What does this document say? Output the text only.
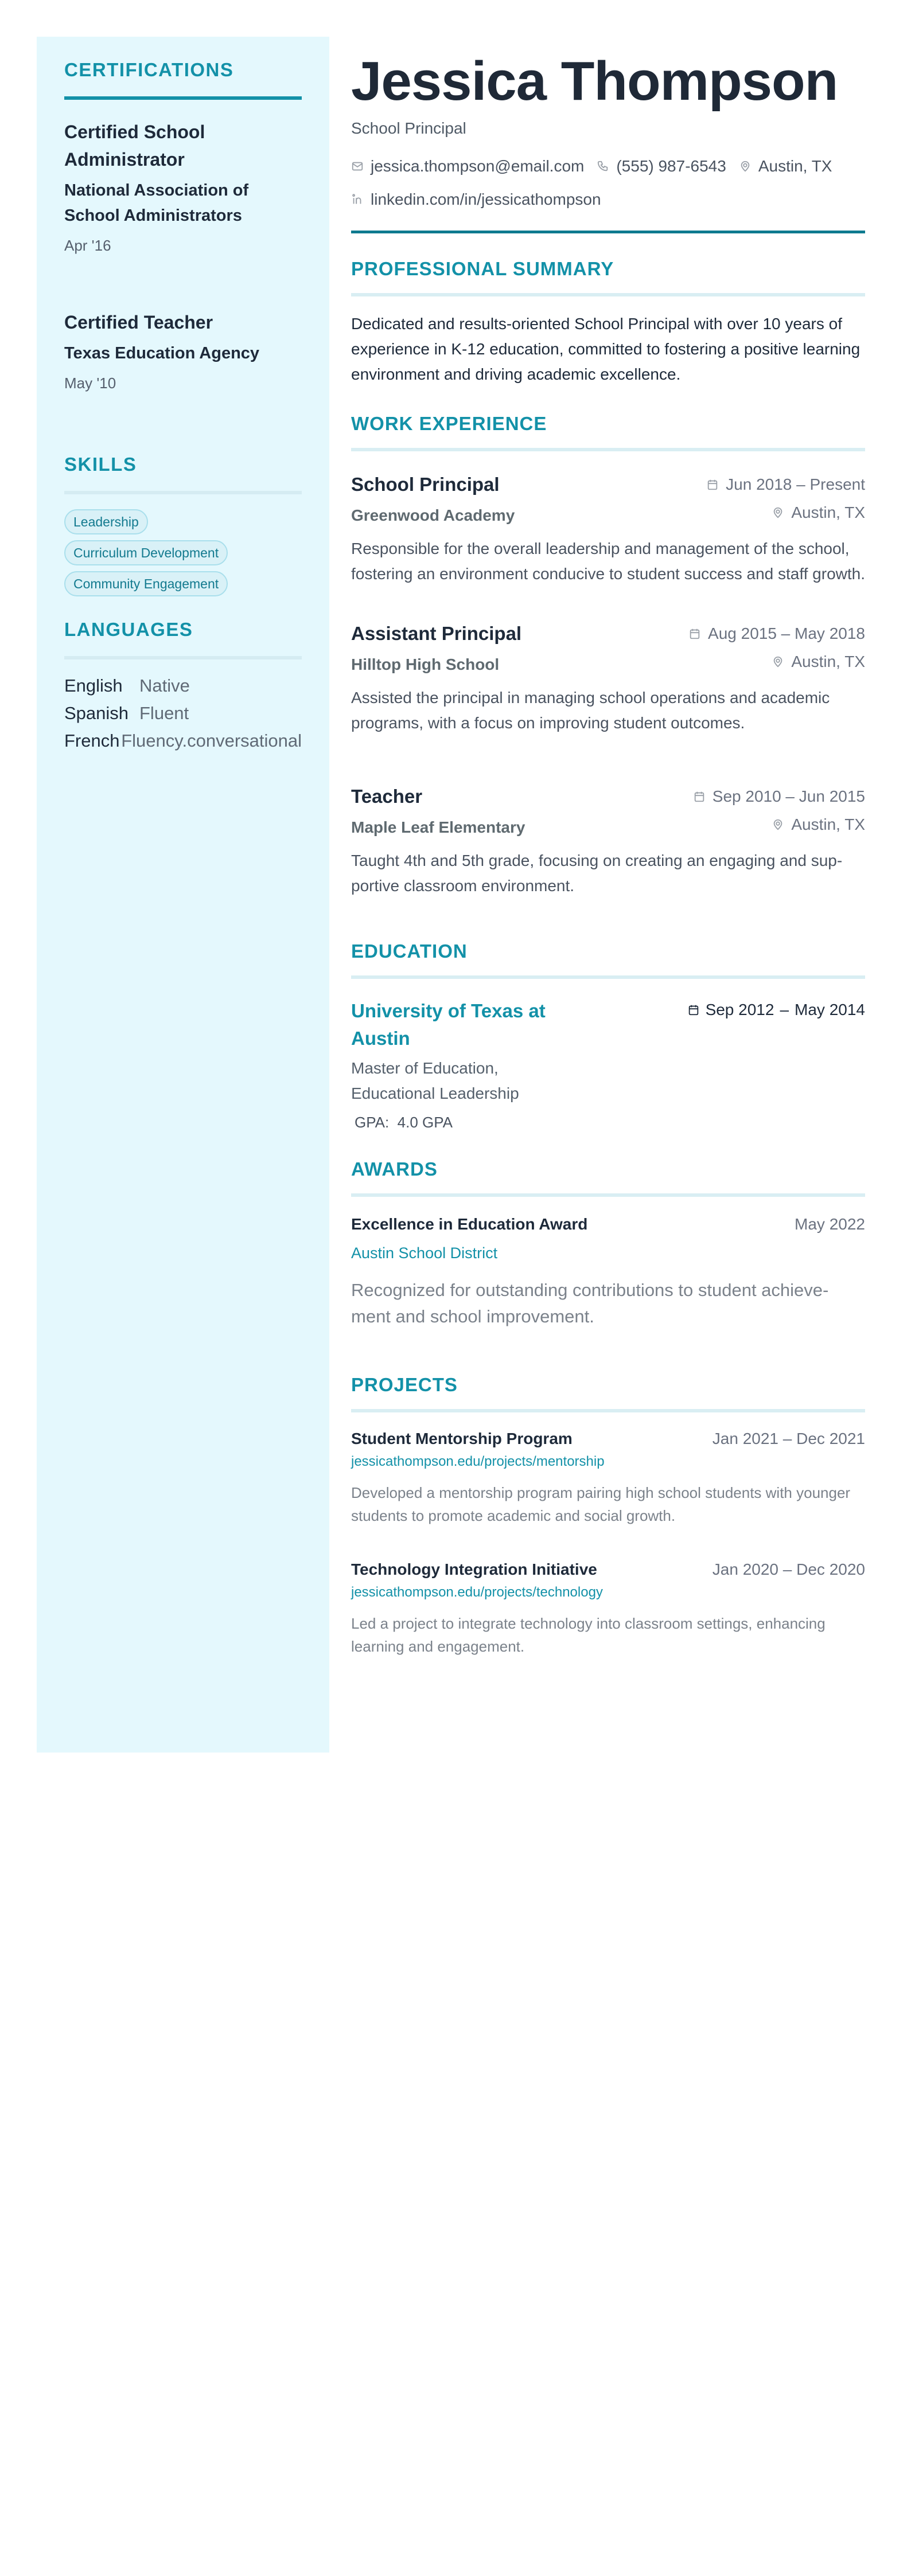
CERTIFICATIONS
Certified School Administrator
National Association of School Administrators
Apr '16
Certified Teacher
Texas Education Agency
May '10
SKILLS
Leadership
Curriculum Development
Community Engagement
LANGUAGES
English Native
Spanish Fluent
French Fluency.conversational
Jessica Thompson
School Principal
jessica.thompson@email.com (555) 987-6543 Austin, TX
linkedin.com/in/jessicathompson
PROFESSIONAL SUMMARY

Dedicated and results-oriented School Principal with over 10 years of experience in K-12 education, committed to fostering a positive learning environment and driving academic excellence.

WORK EXPERIENCE
School Principal	Jun 2018 – Present
Greenwood Academy	Austin, TX

Responsible for the overall leadership and management of the school, fostering an environment conducive to student success and staff growth.

Assistant Principal	Aug 2015 – May 2018
Hilltop High School	Austin, TX

Assisted the principal in managing school operations and academic programs, with a focus on improving student outcomes.

Teacher	Sep 2010 – Jun 2015
Maple Leaf Elementary	Austin, TX

Taught 4th and 5th grade, focusing on creating an engaging and sup-portive classroom environment.

EDUCATION
University of Texas at Austin
Master of Education, Educational Leadership
GPA: 4.0 GPA
Sep 2012 – May 2014
AWARDS
Excellence in Education Award	May 2022
Austin School District

Recognized for outstanding contributions to student achieve-ment and school improvement.

PROJECTS
Student Mentorship Program	Jan 2021 – Dec 2021
jessicathompson.edu/projects/mentorship

Developed a mentorship program pairing high school students with younger students to promote academic and social growth.

Technology Integration Initiative	Jan 2020 – Dec 2020
jessicathompson.edu/projects/technology

Led a project to integrate technology into classroom settings, enhancing learning and engagement.
